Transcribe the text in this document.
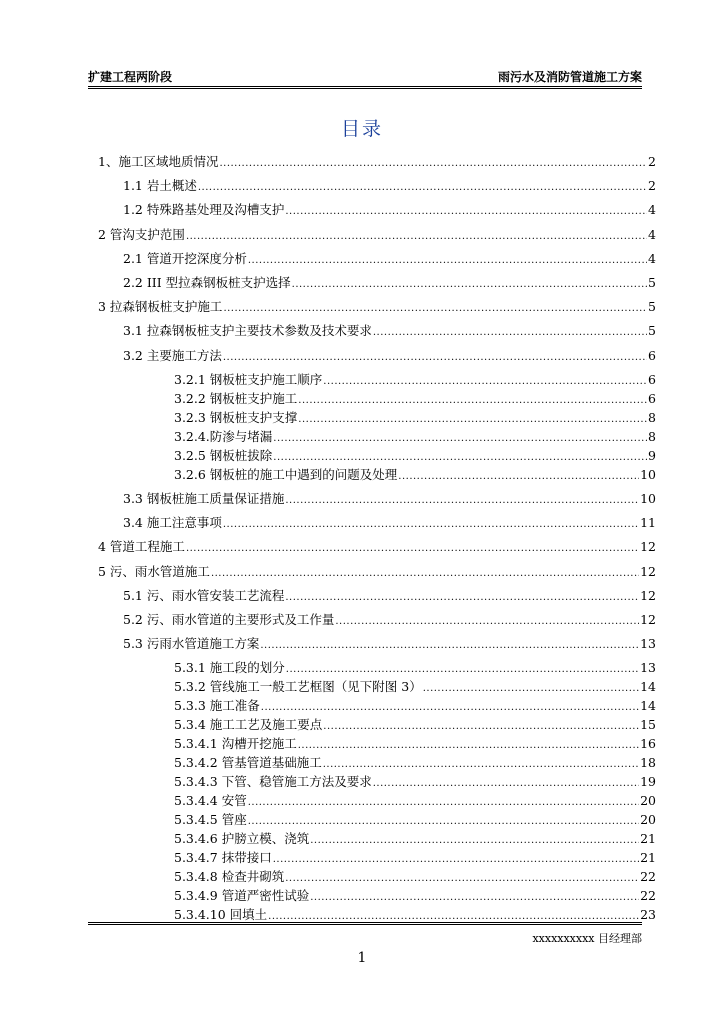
扩建工程两阶段	雨污水及消防管道施工方案
目录
1、施工区域地质情况 .....	2
1.1 岩土概述 .....	2
1.2 特殊路基处理及沟槽支护 .....	4
2 管沟支护范围 .....	4
2.1 管道开挖深度分析 .....	4
2.2 III 型拉森钢板桩支护选择 .....	5
3 拉森钢板桩支护施工 .....	5
3.1 拉森钢板桩支护主要技术参数及技术要求 .....	5
3.2 主要施工方法 .....	6
3.2.1 钢板桩支护施工顺序 .....	6
3.2.2 钢板桩支护施工 .....	6
3.2.3 钢板桩支护支撑 .....	8
3.2.4.防渗与堵漏 .....	8
3.2.5 钢板桩拔除 .....	9
3.2.6 钢板桩的施工中遇到的问题及处理 .....	10
3.3 钢板桩施工质量保证措施 .....	10
3.4 施工注意事项 .....	11
4 管道工程施工 .....	12
5 污、雨水管道施工 .....	12
5.1 污、雨水管安装工艺流程 .....	12
5.2 污、雨水管道的主要形式及工作量 .....	12
5.3 污雨水管道施工方案 .....	13
5.3.1 施工段的划分 .....	13
5.3.2 管线施工一般工艺框图（见下附图 3） .....	14
5.3.3 施工准备 .....	14
5.3.4 施工工艺及施工要点 .....	15
5.3.4.1 沟槽开挖施工 .....	16
5.3.4.2 管基管道基础施工 .....	18
5.3.4.3 下管、稳管施工方法及要求 .....	19
5.3.4.4 安管 .....	20
5.3.4.5 管座 .....	20
5.3.4.6 护膀立模、浇筑 .....	21
5.3.4.7 抹带接口 .....	21
5.3.4.8 检查井砌筑 .....	22
5.3.4.9 管道严密性试验 .....	22
5.3.4.10 回填土 .....	23
xxxxxxxxxx 目经理部
1
